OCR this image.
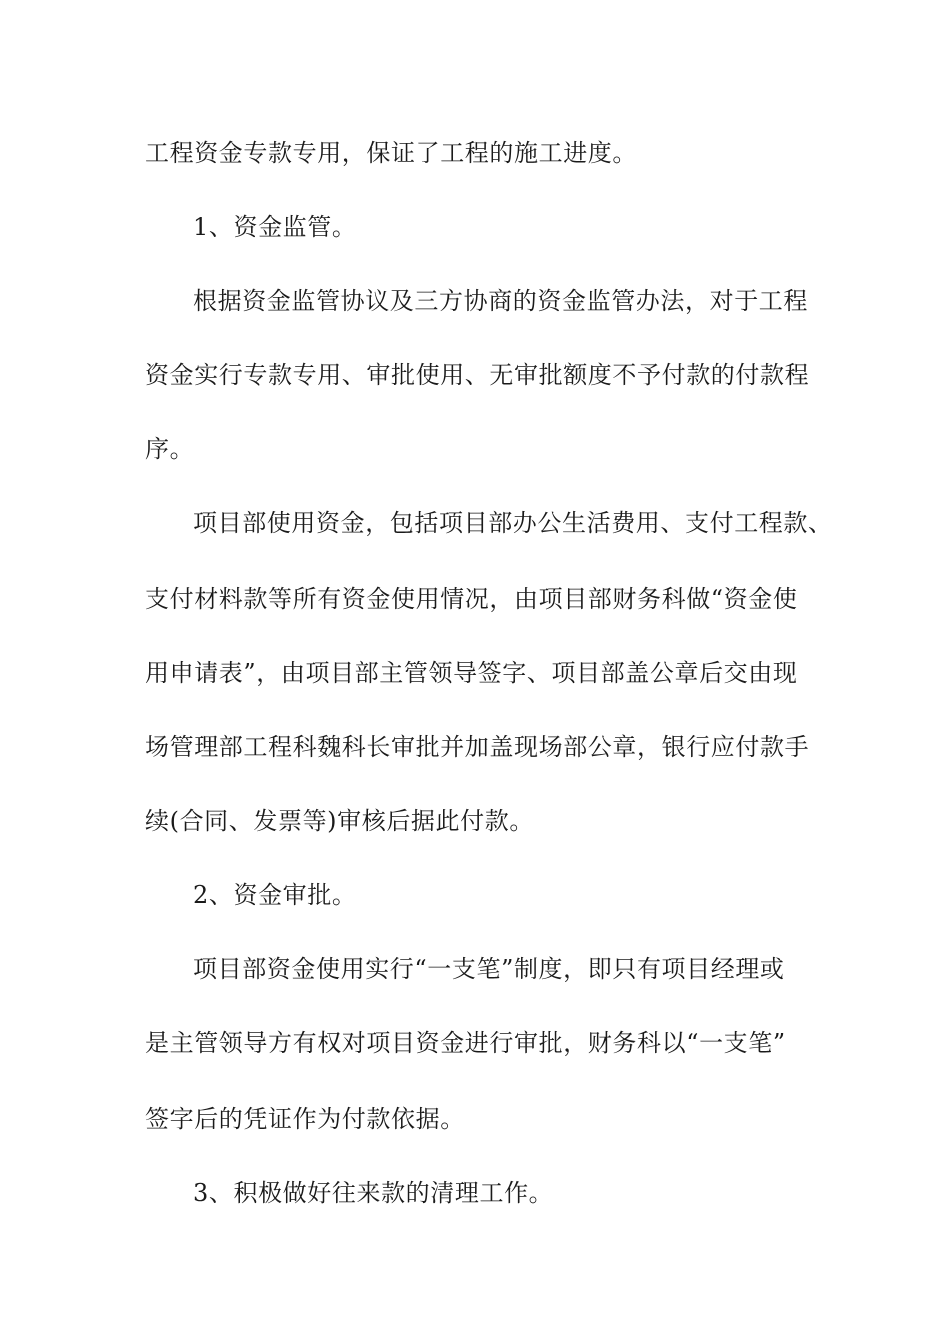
工程资金专款专用，保证了工程的施工进度。
1、资金监管。
根据资金监管协议及三方协商的资金监管办法，对于工程
资金实行专款专用、审批使用、无审批额度不予付款的付款程
序。
项目部使用资金，包括项目部办公生活费用、支付工程款、
支付材料款等所有资金使用情况，由项目部财务科做“资金使
用申请表”，由项目部主管领导签字、项目部盖公章后交由现
场管理部工程科魏科长审批并加盖现场部公章，银行应付款手
续(合同、发票等)审核后据此付款。
2、资金审批。
项目部资金使用实行“一支笔”制度，即只有项目经理或
是主管领导方有权对项目资金进行审批，财务科以“一支笔”
签字后的凭证作为付款依据。
3、积极做好往来款的清理工作。
